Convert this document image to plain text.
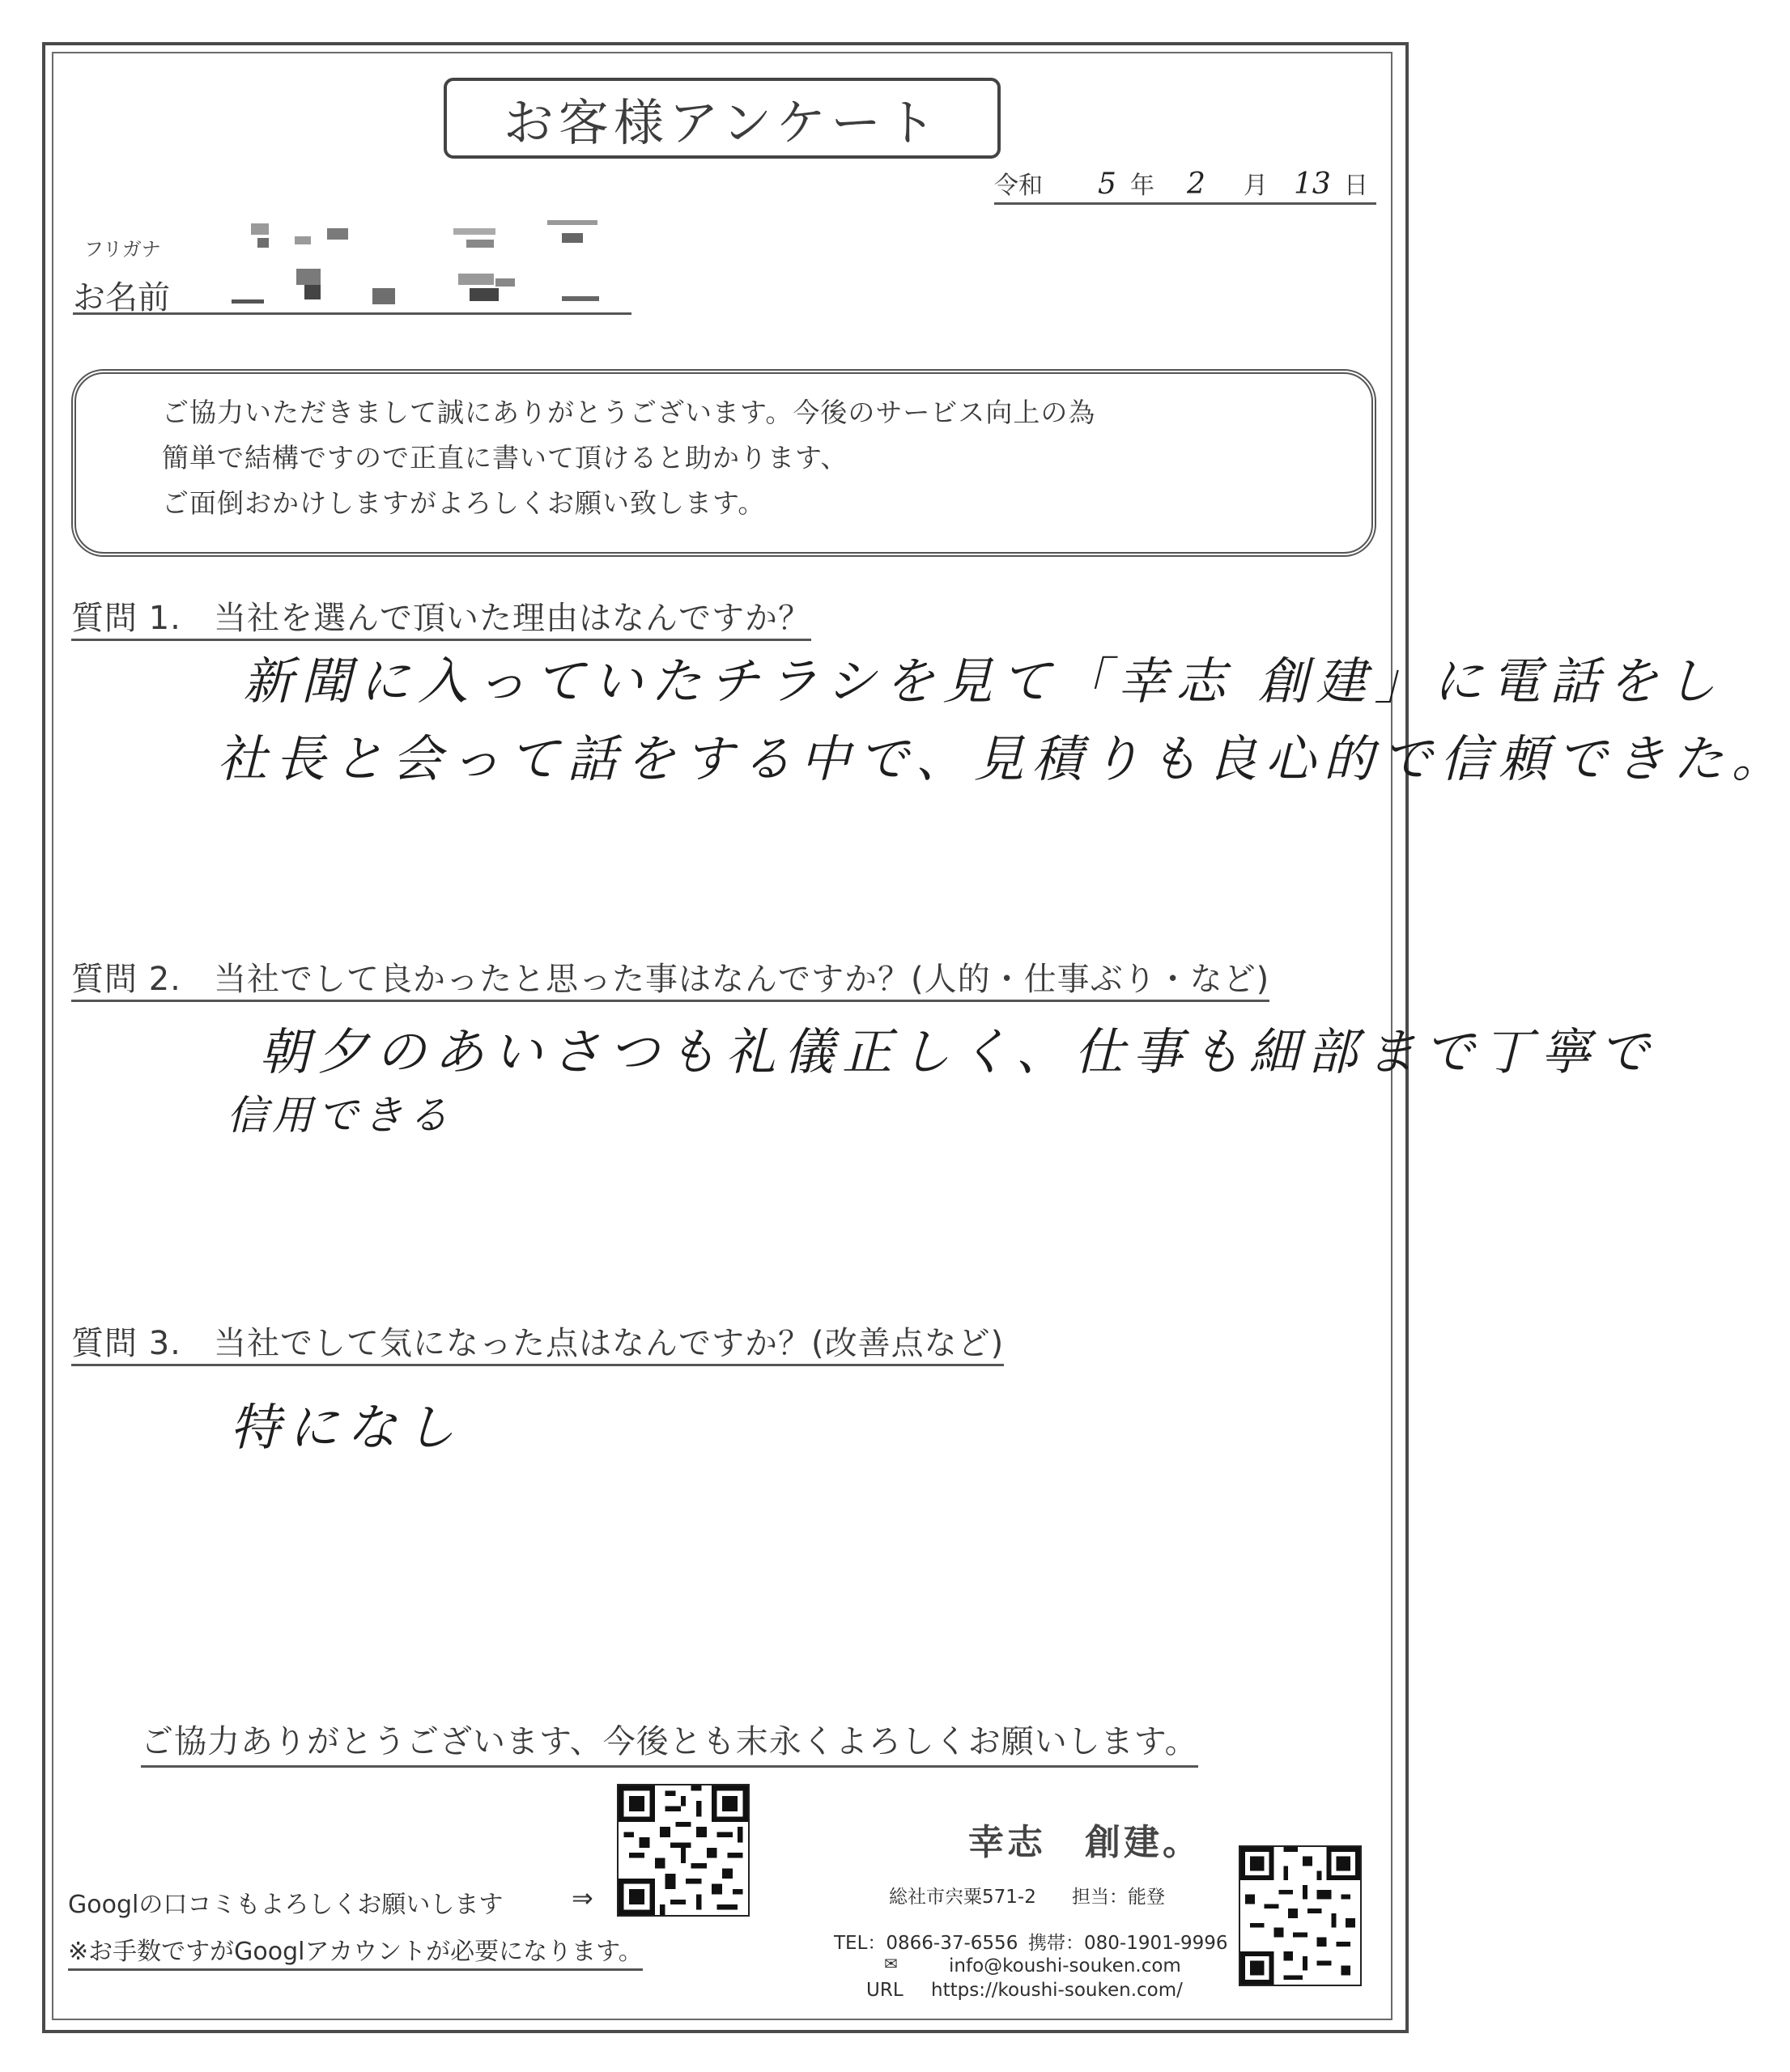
お客様アンケート
令和 5 年 2 月 13 日
フリガナ
お名前
ご協力いただきまして誠にありがとうございます。今後のサービス向上の為
簡単で結構ですので正直に書いて頂けると助かります、
ご面倒おかけしますがよろしくお願い致します。
質問 1. 当社を選んで頂いた理由はなんですか？
新聞に入っていたチラシを見て「幸志 創建」に電話をし
社長と会って話をする中で、見積りも良心的で信頼できた。
質問 2. 当社でして良かったと思った事はなんですか？(人的・仕事ぶり・など)
朝夕のあいさつも礼儀正しく、仕事も細部まで丁寧で
信用できる
質問 3. 当社でして気になった点はなんですか？(改善点など)
特になし
ご協力ありがとうございます、今後とも末永くよろしくお願いします。
Googlの口コミもよろしくお願いします	⇒
※お手数ですがGooglアカウントが必要になります。
幸志　創建。
総社市宍粟571-2 担当：能登
TEL：0866-37-6556 携帯：080-1901-9996
✉	info@koushi-souken.com
URL https://koushi-souken.com/
